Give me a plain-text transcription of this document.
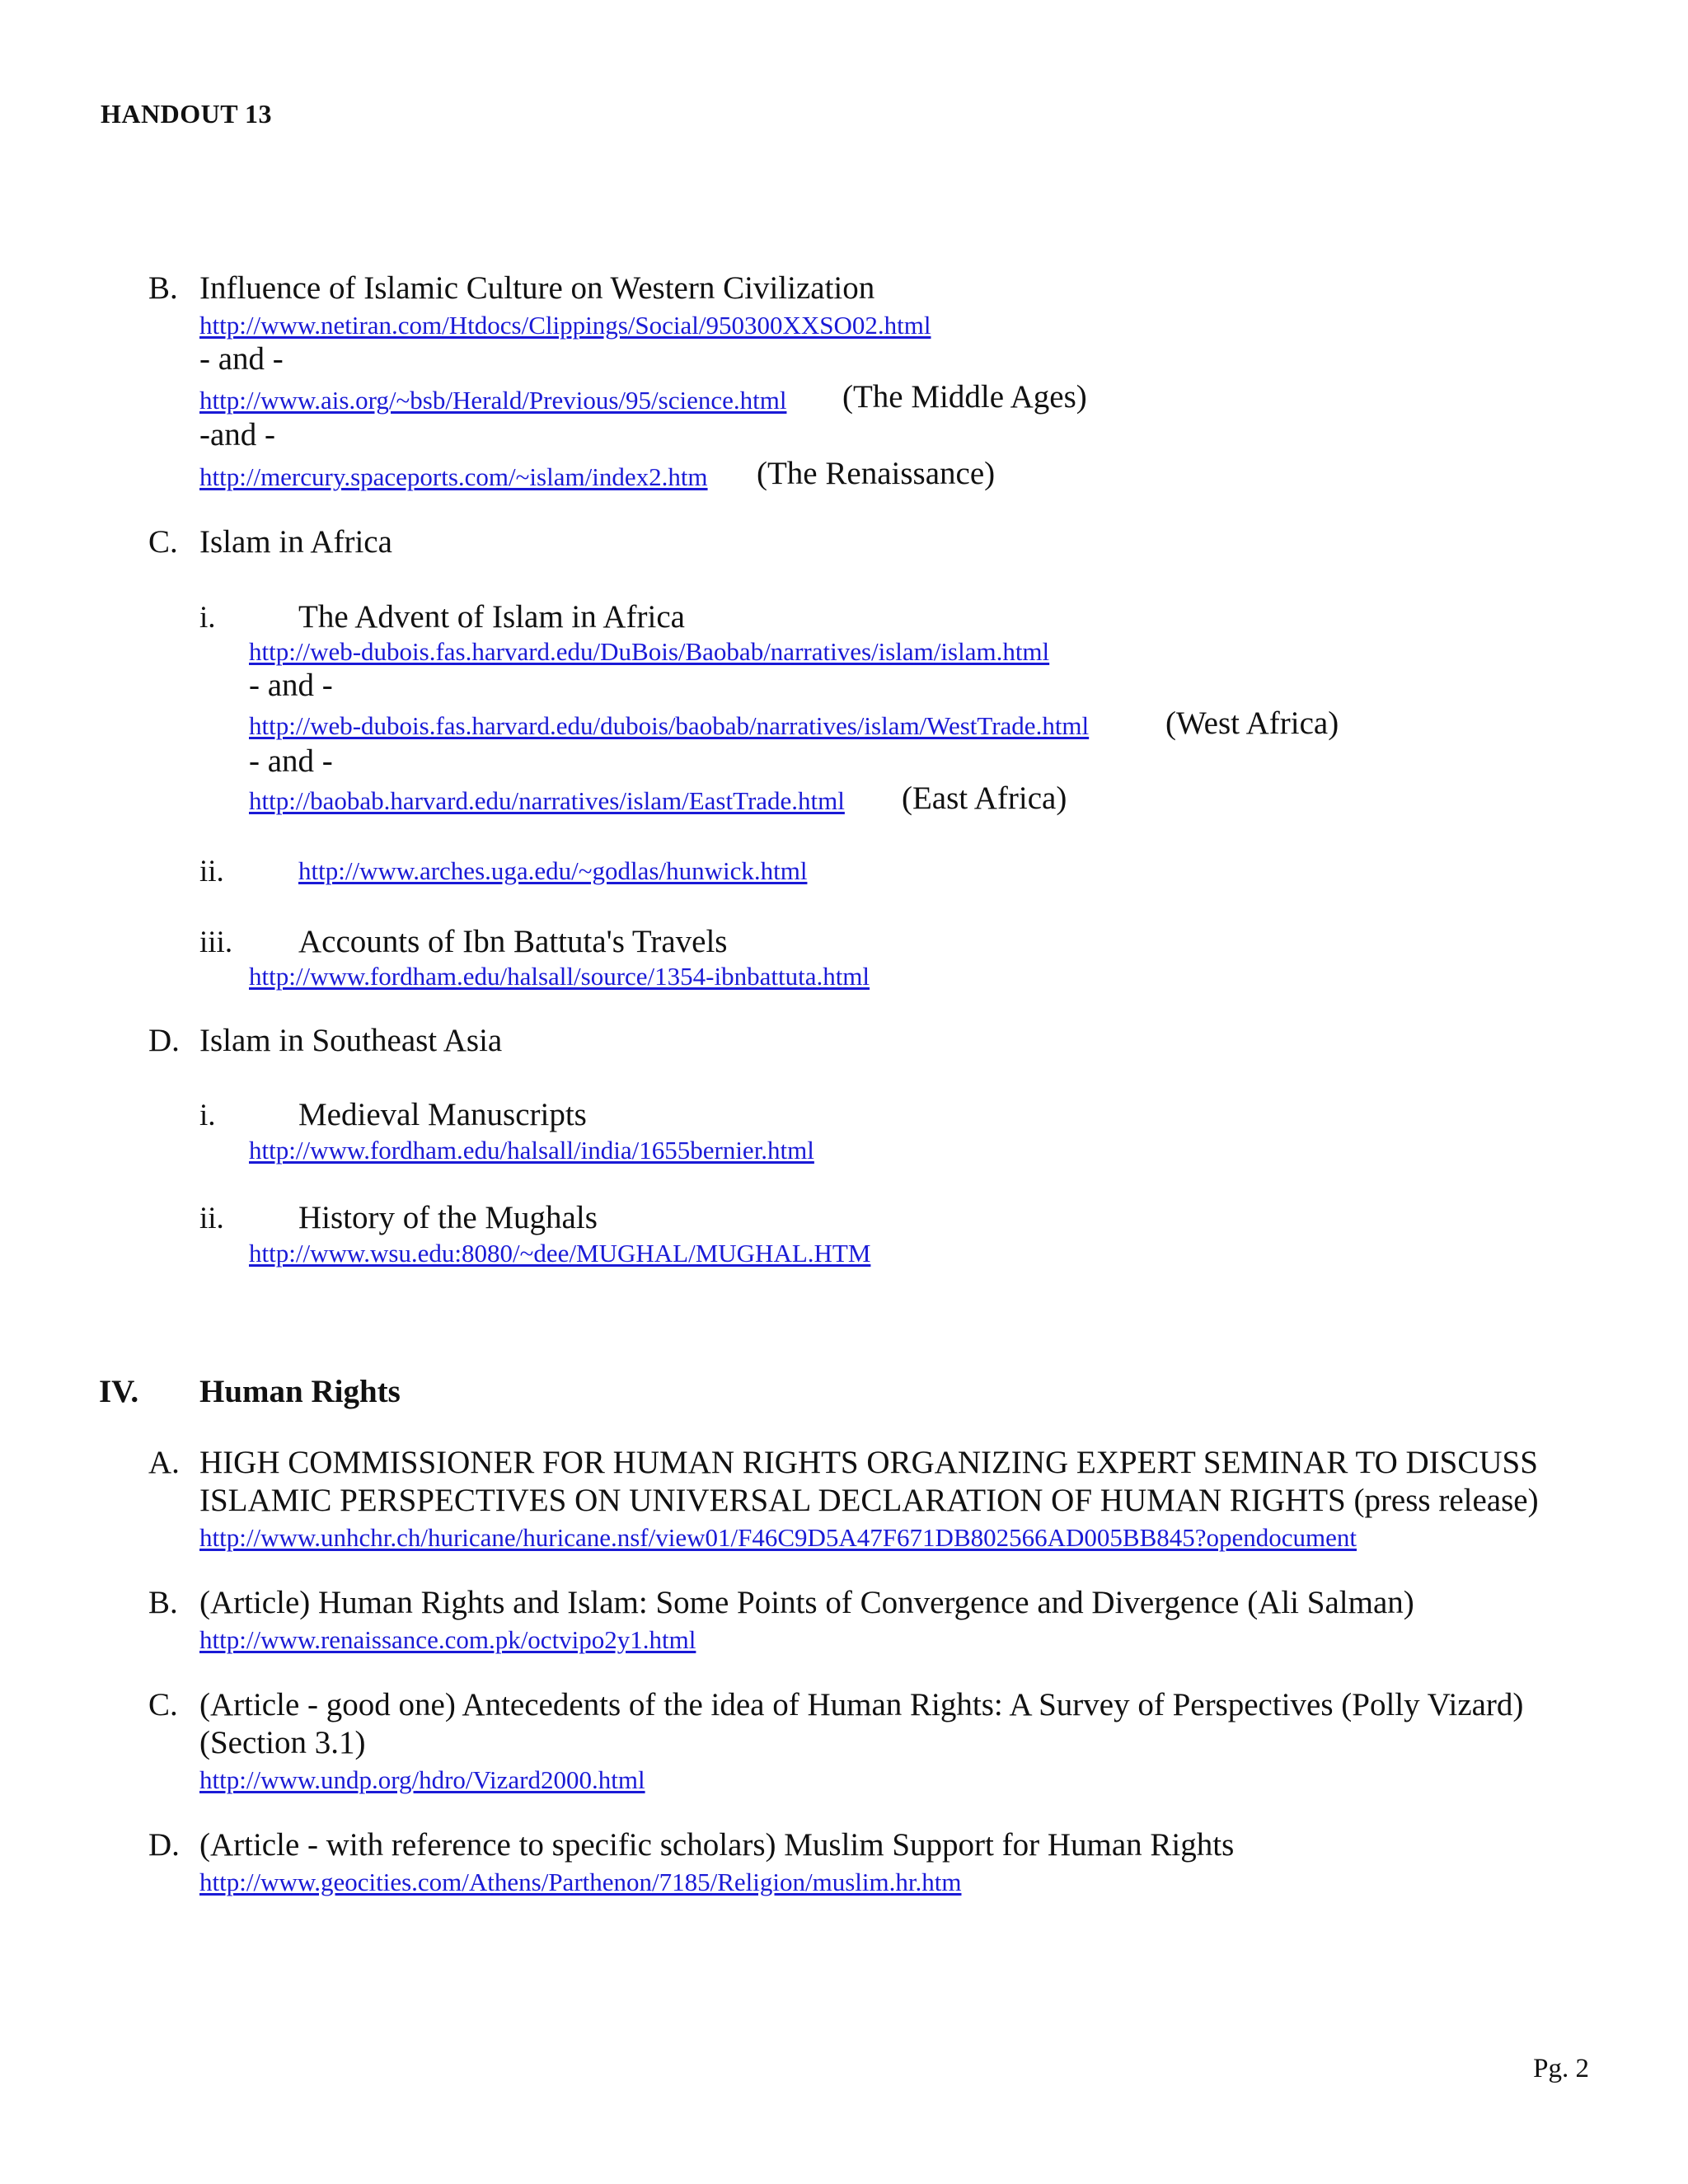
HANDOUT 13
B. Influence of Islamic Culture on Western Civilization
http://www.netiran.com/Htdocs/Clippings/Social/950300XXSO02.html
- and -
http://www.ais.org/~bsb/Herald/Previous/95/science.html (The Middle Ages)
-and -
http://mercury.spaceports.com/~islam/index2.htm (The Renaissance)
C. Islam in Africa
i.	The Advent of Islam in Africa
http://web-dubois.fas.harvard.edu/DuBois/Baobab/narratives/islam/islam.html
- and -
http://web-dubois.fas.harvard.edu/dubois/baobab/narratives/islam/WestTrade.html (West Africa)
- and -
http://baobab.harvard.edu/narratives/islam/EastTrade.html (East Africa)
ii.	http://www.arches.uga.edu/~godlas/hunwick.html
iii. Accounts of Ibn Battuta's Travels
http://www.fordham.edu/halsall/source/1354-ibnbattuta.html
D. Islam in Southeast Asia
i.	Medieval Manuscripts
http://www.fordham.edu/halsall/india/1655bernier.html
ii. History of the Mughals
http://www.wsu.edu:8080/~dee/MUGHAL/MUGHAL.HTM
IV. Human Rights
A. HIGH COMMISSIONER FOR HUMAN RIGHTS ORGANIZING EXPERT SEMINAR TO DISCUSS
ISLAMIC PERSPECTIVES ON UNIVERSAL DECLARATION OF HUMAN RIGHTS (press release)
http://www.unhchr.ch/huricane/huricane.nsf/view01/F46C9D5A47F671DB802566AD005BB845?opendocument
B. (Article) Human Rights and Islam: Some Points of Convergence and Divergence (Ali Salman)
http://www.renaissance.com.pk/octvipo2y1.html
C. (Article - good one) Antecedents of the idea of Human Rights: A Survey of Perspectives (Polly Vizard)
(Section 3.1)
http://www.undp.org/hdro/Vizard2000.html
D. (Article - with reference to specific scholars) Muslim Support for Human Rights
http://www.geocities.com/Athens/Parthenon/7185/Religion/muslim.hr.htm
Pg. 2
